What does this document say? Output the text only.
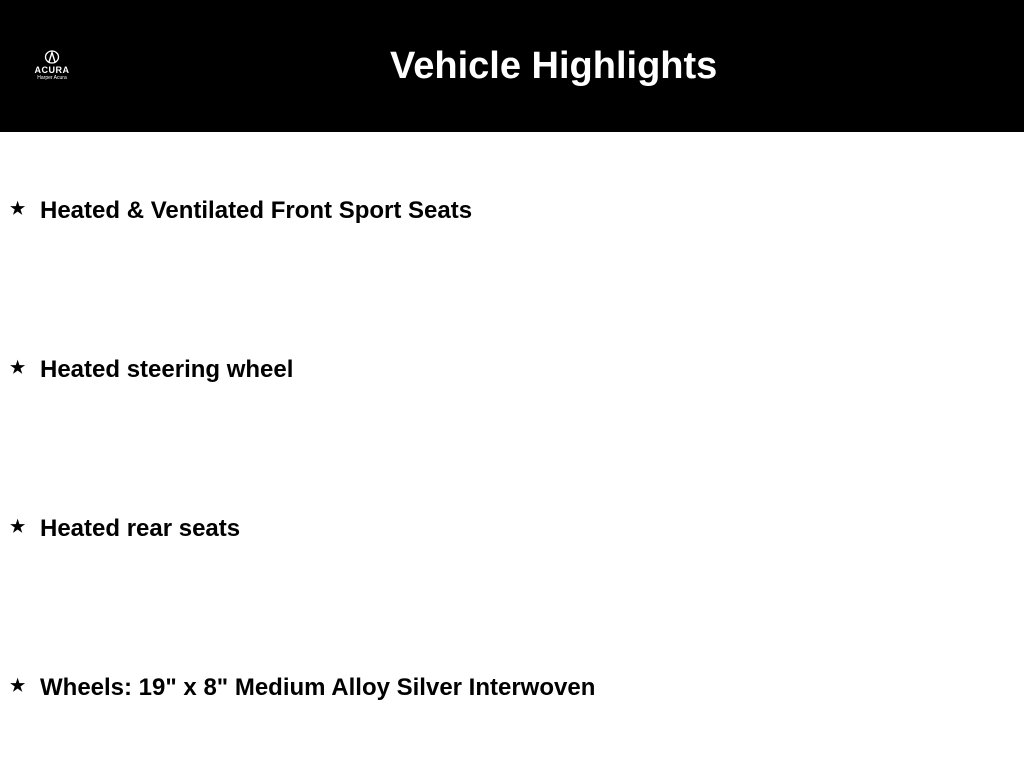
ACURA
Harper Acura	Vehicle Highlights
★ Heated & Ventilated Front Sport Seats
★ Heated steering wheel
★ Heated rear seats
★ Wheels: 19" x 8" Medium Alloy Silver Interwoven
